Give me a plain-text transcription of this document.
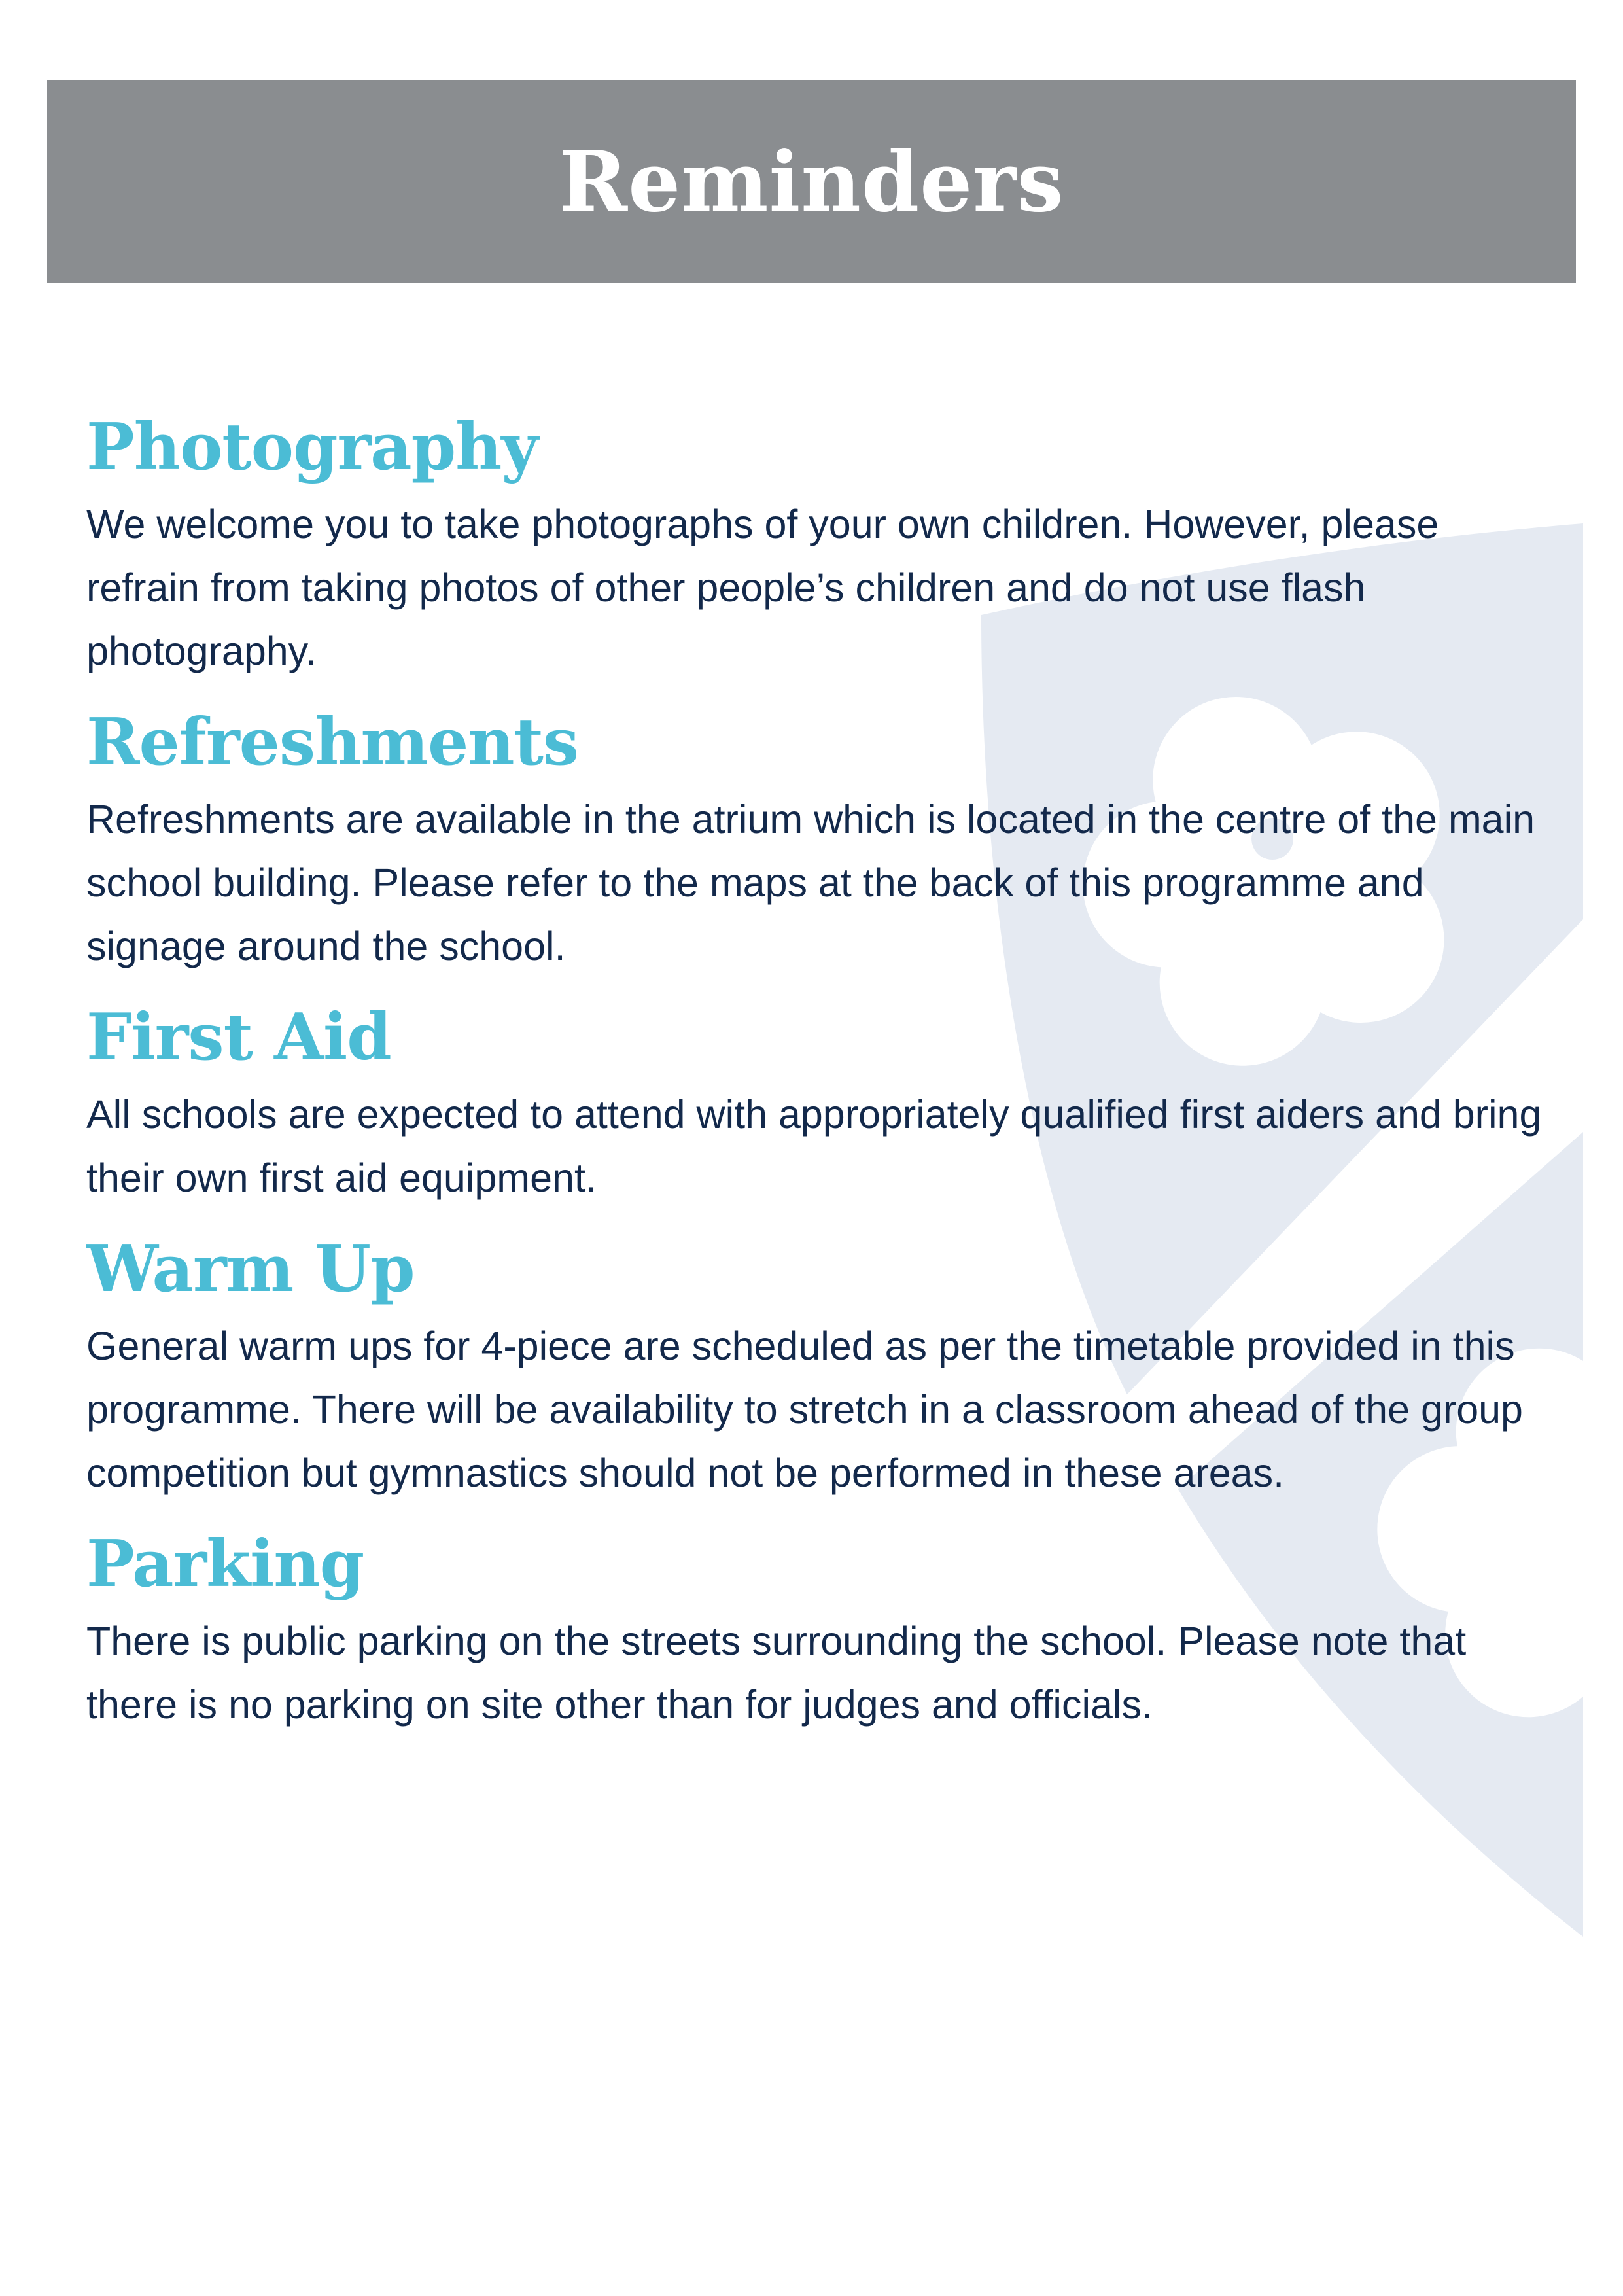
Reminders
Photography

We welcome you to take photographs of your own children. However, please refrain from taking photos of other people’s children and do not use flash photography.

Refreshments

Refreshments are available in the atrium which is located in the centre of the main school building. Please refer to the maps at the back of this programme and signage around the school.

First Aid

All schools are expected to attend with appropriately qualified first aiders and bring their own first aid equipment.

Warm Up

General warm ups for 4-piece are scheduled as per the timetable provided in this programme. There will be availability to stretch in a classroom ahead of the group competition but gymnastics should not be performed in these areas.

Parking

There is public parking on the streets surrounding the school. Please note that there is no parking on site other than for judges and officials.
